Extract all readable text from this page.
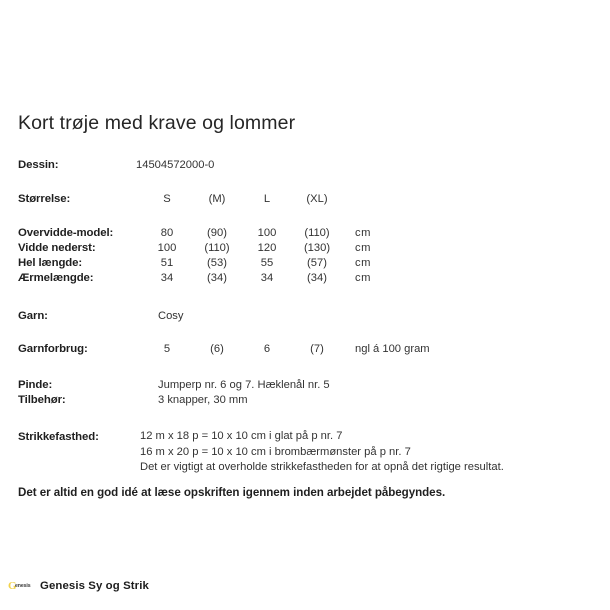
Kort trøje med krave og lommer
Dessin:	14504572000-0
Størrelse:	S	(M)	L	(XL)
Overvidde-model:	80	(90)	100	(110)	cm
Vidde nederst:	100	(110)	120	(130)	cm
Hel længde:	51	(53)	55	(57)	cm
Ærmelængde:	34	(34)	34	(34)	cm
Garn:	Cosy
Garnforbrug:	5	(6)	6	(7)	ngl á 100 gram
Pinde:	Jumperp nr. 6 og 7. Hæklenål nr. 5
Tilbehør:	3 knapper, 30 mm
Strikkefasthed:	12 m x 18 p = 10 x 10 cm i glat på p nr. 7
16 m x 20 p = 10 x 10 cm i brombærmønster på p nr. 7
Det er vigtigt at overholde strikkefastheden for at opnå det rigtige resultat.
Det er altid en god idé at læse opskriften igennem inden arbejdet påbegyndes.
G
enesis Genesis Sy og Strik
